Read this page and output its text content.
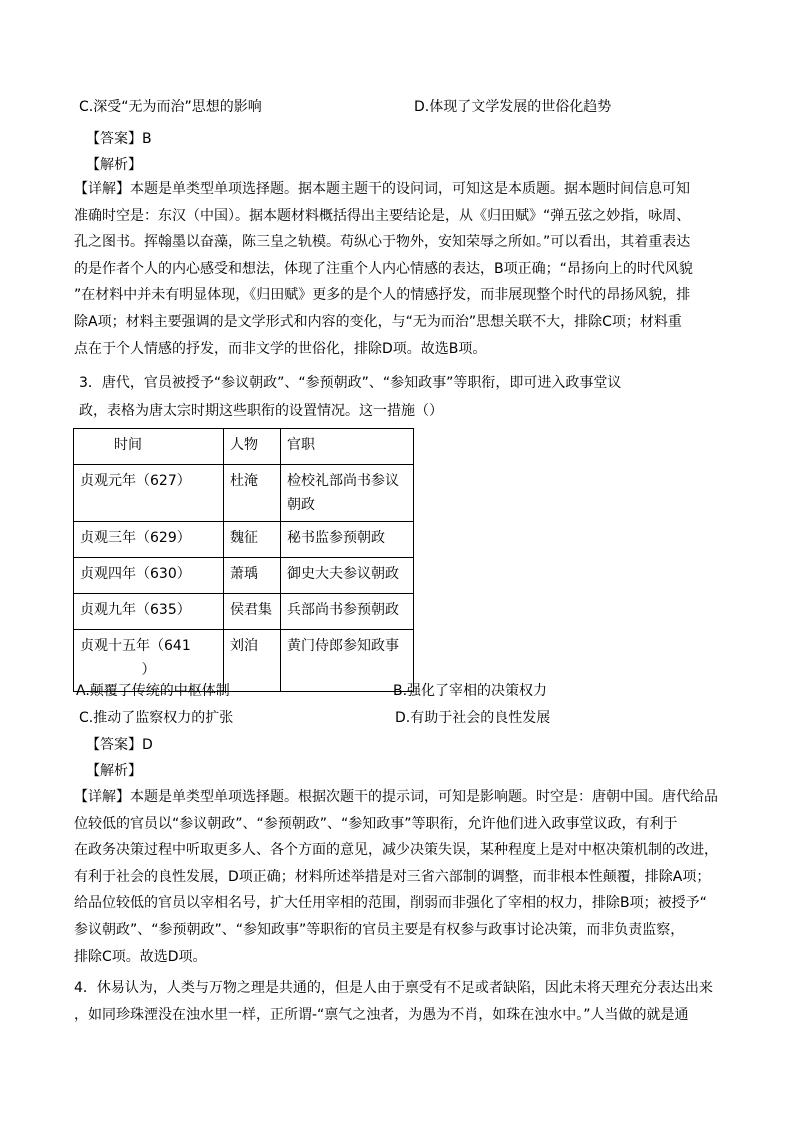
C.深受“无为而治”思想的影响	D.体现了文学发展的世俗化趋势
【答案】B
【解析】
【详解】本题是单类型单项选择题。据本题主题干的设问词，可知这是本质题。据本题时间信息可知
准确时空是：东汉（中国）。据本题材料概括得出主要结论是，从《归田赋》“弹五弦之妙指，咏周、
孔之图书。挥翰墨以奋藻，陈三皇之轨模。苟纵心于物外，安知荣辱之所如。”可以看出，其着重表达
的是作者个人的内心感受和想法，体现了注重个人内心情感的表达，B项正确；“昂扬向上的时代风貌
”在材料中并未有明显体现，《归田赋》更多的是个人的情感抒发，而非展现整个时代的昂扬风貌，排
除A项；材料主要强调的是文学形式和内容的变化，与“无为而治”思想关联不大，排除C项；材料重
点在于个人情感的抒发，而非文学的世俗化，排除D项。故选B项。
3．唐代，官员被授予“参议朝政”、“参预朝政”、“参知政事”等职衔，即可进入政事堂议
政，表格为唐太宗时期这些职衔的设置情况。这一措施（）
时间	人物	官职
贞观元年（627）	杜淹	检校礼部尚书参议朝政
贞观三年（629）	魏征	秘书监参预朝政
贞观四年（630）	萧瑀	御史大夫参议朝政
贞观九年（635）	侯君集	兵部尚书参预朝政

贞观十五年（641
）	刘洎	黄门侍郎参知政事
A.颠覆了传统的中枢体制	B.强化了宰相的决策权力
C.推动了监察权力的扩张	D.有助于社会的良性发展
【答案】D
【解析】
【详解】本题是单类型单项选择题。根据次题干的提示词，可知是影响题。时空是：唐朝中国。唐代给品
位较低的官员以“参议朝政”、“参预朝政”、“参知政事”等职衔，允许他们进入政事堂议政，有利于
在政务决策过程中听取更多人、各个方面的意见，减少决策失误，某种程度上是对中枢决策机制的改进，
有利于社会的良性发展，D项正确；材料所述举措是对三省六部制的调整，而非根本性颠覆，排除A项；
给品位较低的官员以宰相名号，扩大任用宰相的范围，削弱而非强化了宰相的权力，排除B项；被授予“
参议朝政”、“参预朝政”、“参知政事”等职衔的官员主要是有权参与政事讨论决策，而非负责监察，
排除C项。故选D项。
4．休易认为，人类与万物之理是共通的，但是人由于禀受有不足或者缺陷，因此未将天理充分表达出来
，如同珍珠湮没在浊水里一样，正所谓-“禀气之浊者，为愚为不肖，如珠在浊水中。”人当做的就是通
